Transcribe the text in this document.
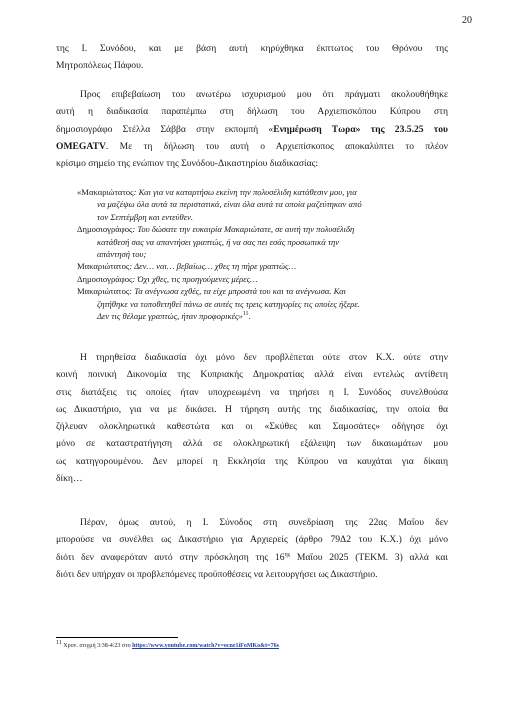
20
της Ι. Συνόδου, και με βάση αυτή κηρύχθηκα έκπτωτος του Θρόνου της
Μητροπόλεως Πάφου.
Προς επιβεβαίωση του ανωτέρω ισχυρισμού μου ότι πράγματι ακολουθήθηκε
αυτή η διαδικασία παραπέμπω στη δήλωση του Αρχιεπισκόπου Κύπρου στη
δημοσιογράφο Στέλλα Σάββα στην εκπομπή «Ενημέρωση Τωρα» της 23.5.25 του
OMEGATV. Με τη δήλωση του αυτή ο Αρχιεπίσκοπος αποκαλύπτει το πλέον
κρίσιμο σημείο της ενώπιον της Συνόδου-Δικαστηρίου διαδικασίας:
«Μακαριώτατος: Και για να καταρτήσω εκείνη την πολυσέλιδη κατάθεσιν μου, για
να μαζέψω όλα αυτά τα περιστατικά, είναι όλα αυτά τα οποία μαζεύτηκαν από
τον Σεπτέμβρη και εντεύθεν.
Δημοσιογράφος: Του δώσατε την ευκαιρία Μακαριώτατε, σε αυτή την πολυσέλιδη
κατάθεσή σας να απαντήσει γραπτώς, ή να σας πει εσάς προσωπικά την
απάντησή του;
Μακαριώτατος: Δεν… ναι… βεβαίως… χθες τη πήρε γραπτώς…
Δημοσιογράφος: Όχι χθες, τις προηγούμενες μέρες…
Μακαριώτατος: Τα ανέγνωσα εχθές, τα είχε μπροστά του και τα ανέγνωσα. Και
ζητήθηκε να τοποθετηθεί πάνω σε αυτές τις τρεις κατηγορίες τις οποίες ήξερε.
Δεν τις θέλαμε γραπτώς, ήταν προφορικές»$^{11}$.
Η τηρηθείσα διαδικασία όχι μόνο δεν προβλέπεται ούτε στον Κ.Χ. ούτε στην
κοινή ποινική Δικονομία της Κυπριακής Δημοκρατίας αλλά είναι εντελώς αντίθετη
στις διατάξεις τις οποίες ήταν υποχρεωμένη να τηρήσει η Ι. Συνόδος συνελθούσα
ως Δικαστήριο, για να με δικάσει. Η τήρηση αυτής της διαδικασίας, την οποία θα
ζήλευαν ολοκληρωτικά καθεστώτα και οι «Σκύθες και Σαμοσάτες» οδήγησε όχι
μόνο σε καταστρατήγηση αλλά σε ολοκληρωτική εξάλειψη των δικαιωμάτων μου
ως κατηγορουμένου. Δεν μπορεί η Εκκλησία της Κύπρου να καυχάται για δίκαιη
δίκη…
Πέραν, όμως αυτού, η Ι. Σύνοδος στη συνεδρίαση της 22ας Μαΐου δεν
μπορούσε να συνέλθει ως Δικαστήριο για Αρχιερείς (άρθρο 79Δ2 του Κ.Χ.) όχι μόνο
διότι δεν αναφερόταν αυτό στην πρόσκληση της $16^{\eta\varsigma}$ Μαΐου 2025 (ΤΕΚΜ. 3) αλλά και
διότι δεν υπήρχαν οι προβλεπόμενες προϋποθέσεις να λειτουργήσει ως Δικαστήριο.
$^{11}$ Χρον. στιγμή 3:38-4:23 στο https://www.youtube.com/watch?v=ocne1iFoMKo&t=76s
